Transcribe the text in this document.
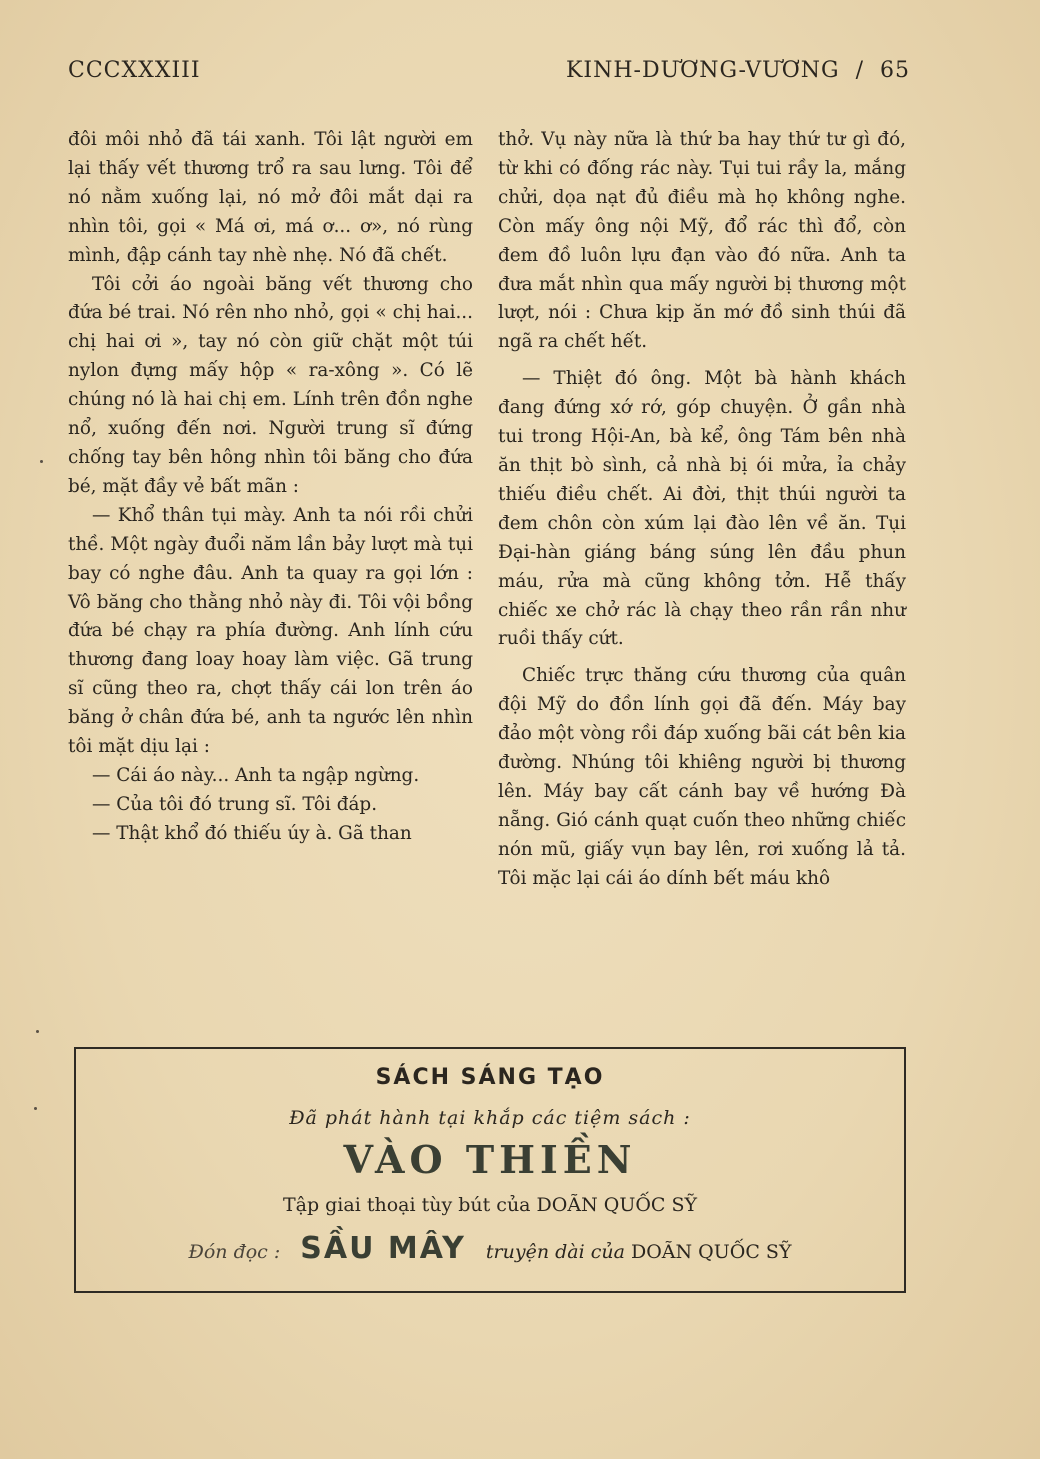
CCCXXXIII	KINH-DƯƠNG-VƯƠNG / 65

đôi môi nhỏ đã tái xanh. Tôi lật người em lại thấy vết thương trổ ra sau lưng. Tôi để nó nằm xuống lại, nó mở đôi mắt dại ra nhìn tôi, gọi « Má ơi, má ơ... ơ», nó rùng mình, đập cánh tay nhè nhẹ. Nó đã chết.

Tôi cởi áo ngoài băng vết thương cho đứa bé trai. Nó rên nho nhỏ, gọi « chị hai... chị hai ơi », tay nó còn giữ chặt một túi nylon đựng mấy hộp « ra-xông ». Có lẽ chúng nó là hai chị em. Lính trên đồn nghe nổ, xuống đến nơi. Người trung sĩ đứng chống tay bên hông nhìn tôi băng cho đứa bé, mặt đầy vẻ bất mãn :

— Khổ thân tụi mày. Anh ta nói rồi chửi thề. Một ngày đuổi năm lần bảy lượt mà tụi bay có nghe đâu. Anh ta quay ra gọi lớn : Vô băng cho thằng nhỏ này đi. Tôi vội bồng đứa bé chạy ra phía đường. Anh lính cứu thương đang loay hoay làm việc. Gã trung sĩ cũng theo ra, chợt thấy cái lon trên áo băng ở chân đứa bé, anh ta ngước lên nhìn tôi mặt dịu lại :

— Cái áo này... Anh ta ngập ngừng.

— Của tôi đó trung sĩ. Tôi đáp.

— Thật khổ đó thiếu úy à. Gã than

thở. Vụ này nữa là thứ ba hay thứ tư gì đó, từ khi có đống rác này. Tụi tui rầy la, mắng chửi, dọa nạt đủ điều mà họ không nghe. Còn mấy ông nội Mỹ, đổ rác thì đổ, còn đem đồ luôn lựu đạn vào đó nữa. Anh ta đưa mắt nhìn qua mấy người bị thương một lượt, nói : Chưa kịp ăn mớ đồ sinh thúi đã ngã ra chết hết.

— Thiệt đó ông. Một bà hành khách đang đứng xớ rớ, góp chuyện. Ở gần nhà tui trong Hội-An, bà kể, ông Tám bên nhà ăn thịt bò sình, cả nhà bị ói mửa, ỉa chảy thiếu điều chết. Ai đời, thịt thúi người ta đem chôn còn xúm lại đào lên về ăn. Tụi Đại-hàn giáng báng súng lên đầu phun máu, rửa mà cũng không tởn. Hễ thấy chiếc xe chở rác là chạy theo rần rần như ruồi thấy cứt.

Chiếc trực thăng cứu thương của quân đội Mỹ do đồn lính gọi đã đến. Máy bay đảo một vòng rồi đáp xuống bãi cát bên kia đường. Nhúng tôi khiêng người bị thương lên. Máy bay cất cánh bay về hướng Đà nẵng. Gió cánh quạt cuốn theo những chiếc nón mũ, giấy vụn bay lên, rơi xuống lả tả. Tôi mặc lại cái áo dính bết máu khô

SÁCH SÁNG TẠO
Đã phát hành tại khắp các tiệm sách :
VÀO THIỀN
Tập giai thoại tùy bút của DOÃN QUỐC SỸ
Đón đọc : SẦU MÂY truyện dài của DOÃN QUỐC SỸ
